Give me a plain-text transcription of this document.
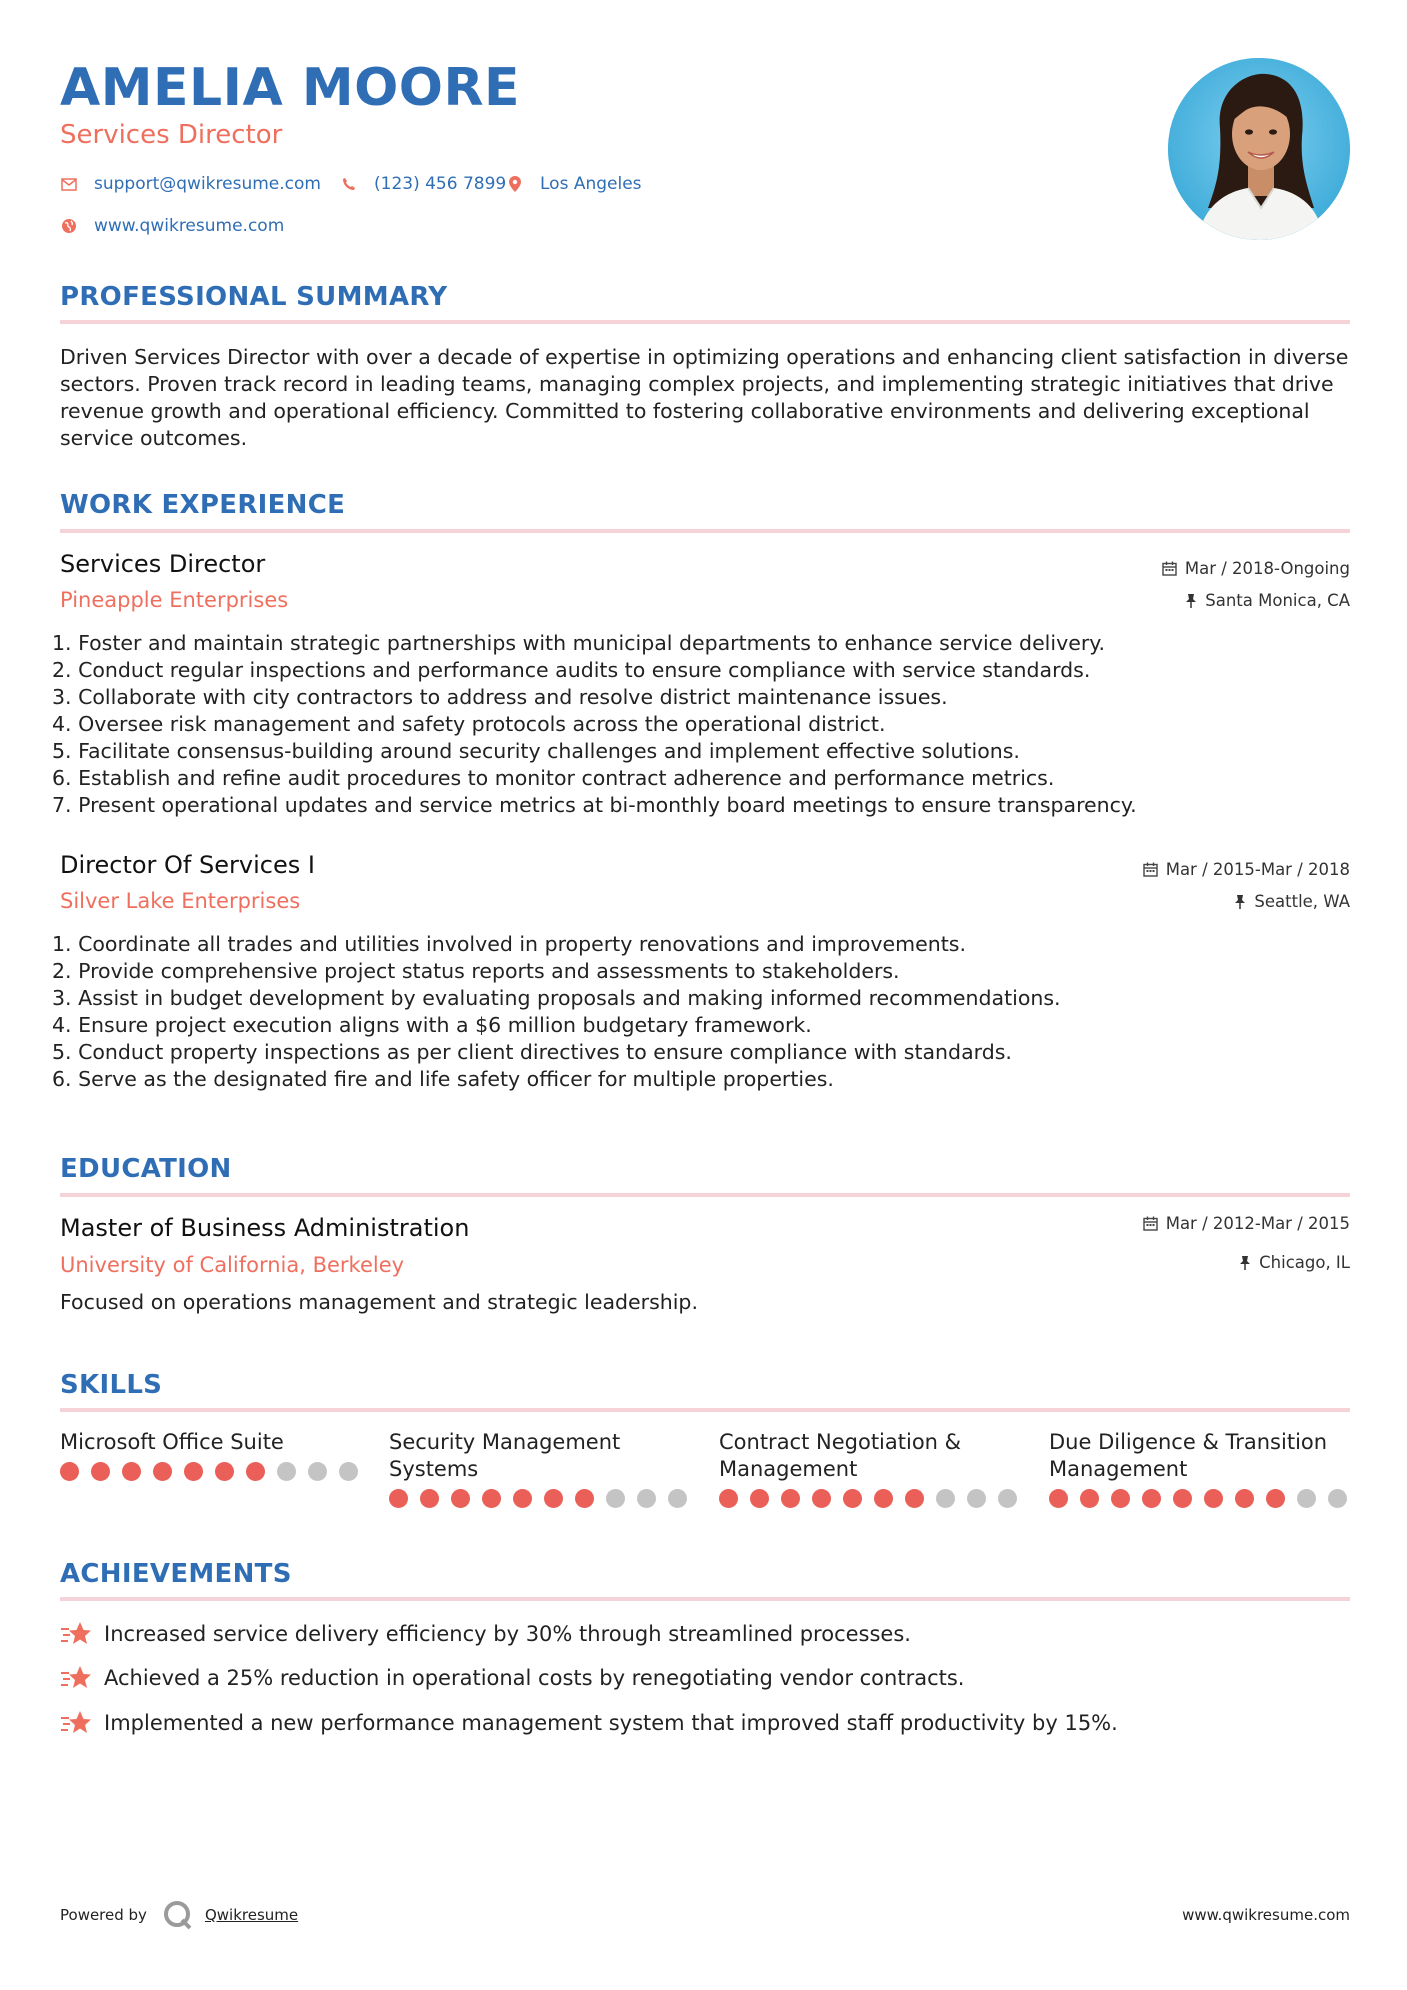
AMELIA MOORE
Services Director
support@qwikresume.com	(123) 456 7899 Los Angeles
www.qwikresume.com
PROFESSIONAL SUMMARY
Driven Services Director with over a decade of expertise in optimizing operations and enhancing client satisfaction in diverse sectors. Proven track record in leading teams, managing complex projects, and implementing strategic initiatives that drive revenue growth and operational efficiency. Committed to fostering collaborative environments and delivering exceptional service outcomes.
WORK EXPERIENCE
Services Director
Pineapple Enterprises
Mar / 2018-Ongoing
Santa Monica, CA
1. Foster and maintain strategic partnerships with municipal departments to enhance service delivery.
2. Conduct regular inspections and performance audits to ensure compliance with service standards.
3. Collaborate with city contractors to address and resolve district maintenance issues.
4. Oversee risk management and safety protocols across the operational district.
5. Facilitate consensus-building around security challenges and implement effective solutions.
6. Establish and refine audit procedures to monitor contract adherence and performance metrics.
7. Present operational updates and service metrics at bi-monthly board meetings to ensure transparency.
Director Of Services I
Silver Lake Enterprises
Mar / 2015-Mar / 2018
Seattle, WA
1. Coordinate all trades and utilities involved in property renovations and improvements.
2. Provide comprehensive project status reports and assessments to stakeholders.
3. Assist in budget development by evaluating proposals and making informed recommendations.
4. Ensure project execution aligns with a $6 million budgetary framework.
5. Conduct property inspections as per client directives to ensure compliance with standards.
6. Serve as the designated fire and life safety officer for multiple properties.
EDUCATION
Master of Business Administration
University of California, Berkeley
Mar / 2012-Mar / 2015
Chicago, IL
Focused on operations management and strategic leadership.
SKILLS
Microsoft Office Suite	Security Management Systems
Contract Negotiation & Management
Due Diligence & Transition Management
ACHIEVEMENTS
Increased service delivery efficiency by 30% through streamlined processes.
Achieved a 25% reduction in operational costs by renegotiating vendor contracts.
Implemented a new performance management system that improved staff productivity by 15%.
Powered by	Qwikresume	www.qwikresume.com
